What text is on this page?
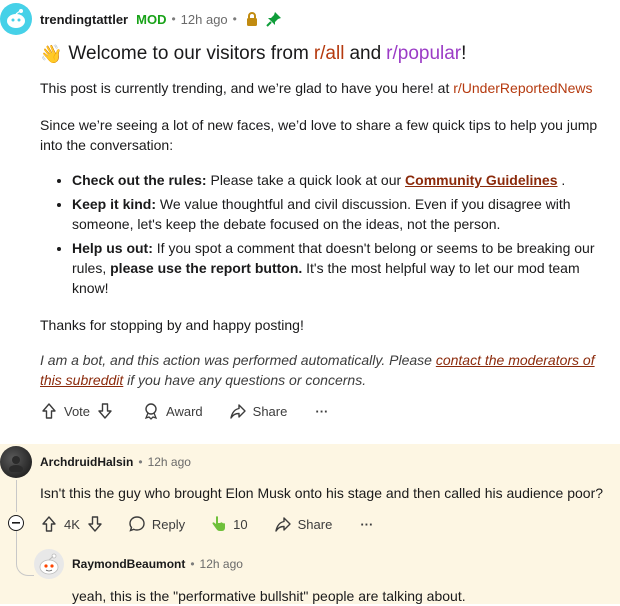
trendingtattler MOD • 12h ago •
👋 Welcome to our visitors from r/all and r/popular !
This post is currently trending, and we’re glad to have you here! at r/UnderReportedNews
Since we’re seeing a lot of new faces, we’d love to share a few quick tips to help you jump into the conversation:
• Check out the rules: Please take a quick look at our Community Guidelines .
• Keep it kind: We value thoughtful and civil discussion. Even if you disagree with someone, let's keep the debate focused on the ideas, not the person.
• Help us out: If you spot a comment that doesn't belong or seems to be breaking our rules, please use the report button. It's the most helpful way to let our mod team know!
Thanks for stopping by and happy posting!
I am a bot, and this action was performed automatically. Please contact the moderators of this subreddit if you have any questions or concerns.
Vote	Award	Share ···
ArchdruidHalsin • 12h ago
Isn't this the guy who brought Elon Musk onto his stage and then called his audience poor?
4K	Reply	10	Share ···
RaymondBeaumont • 12h ago
yeah, this is the "performative bullshit" people are talking about.
